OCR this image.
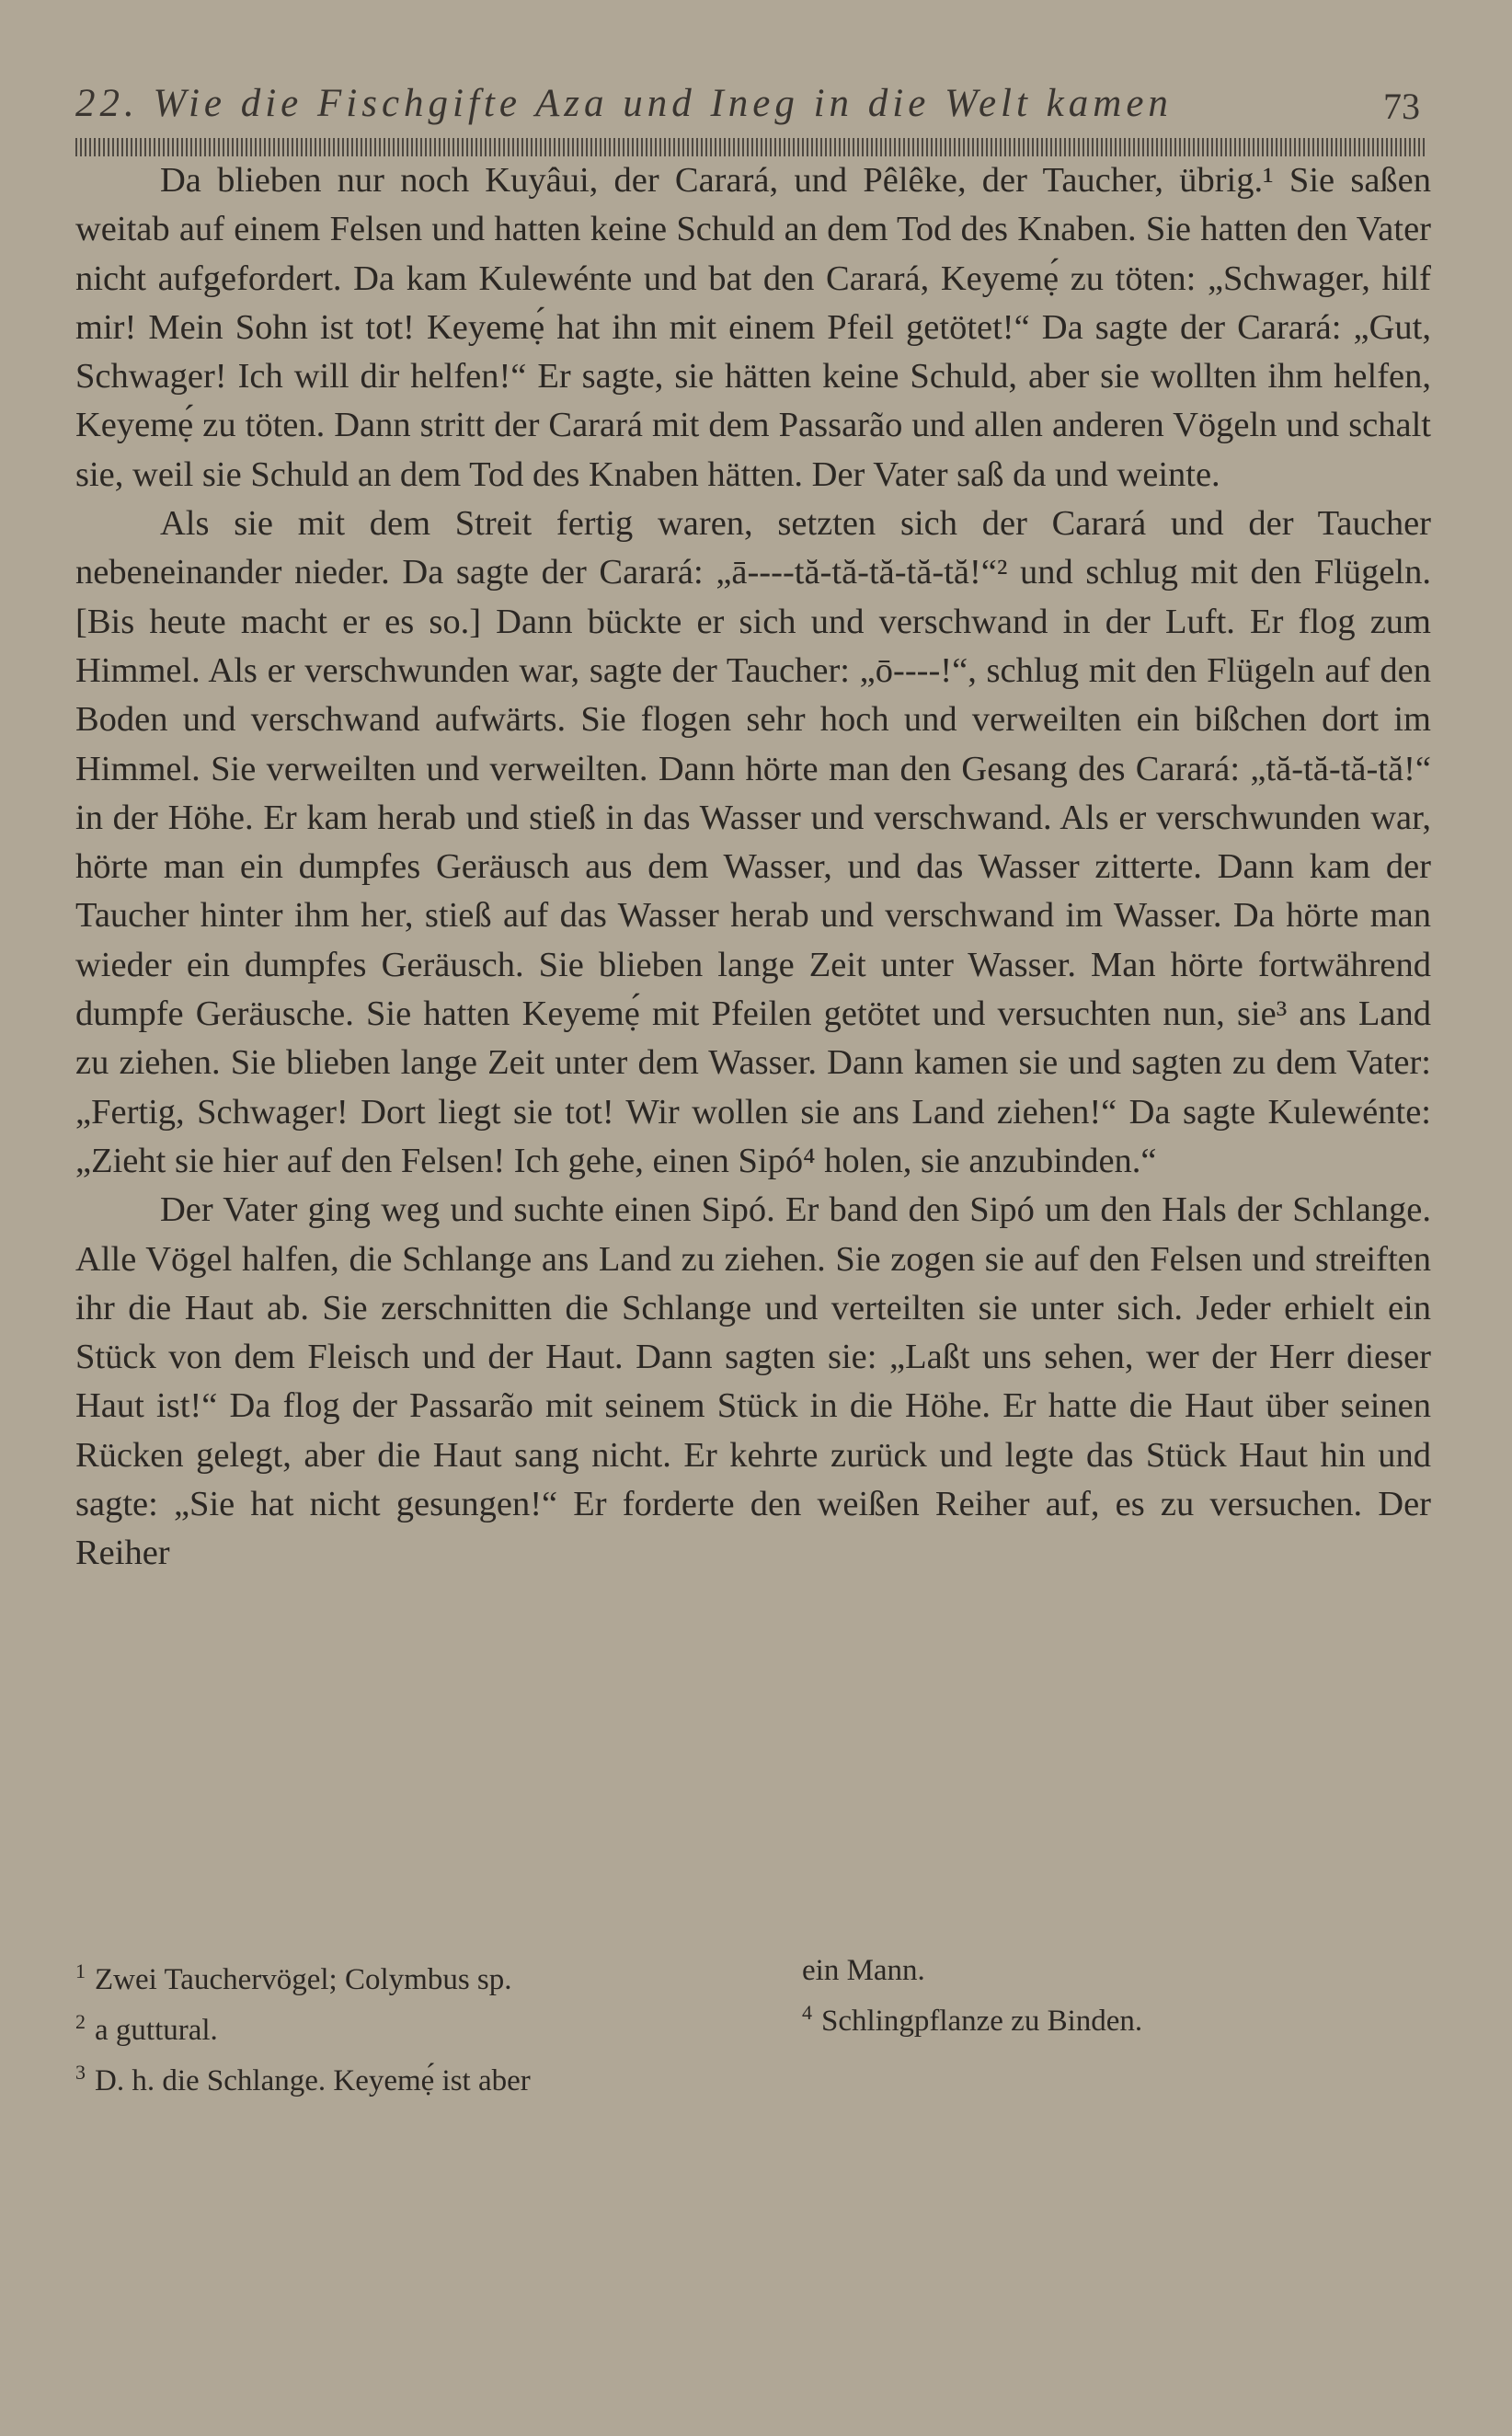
22. Wie die Fischgifte Aza und Ineg in die Welt kamen	73

Da blieben nur noch Kuyâui, der Carará, und Pêlêke, der Taucher, übrig.¹ Sie saßen weitab auf einem Felsen und hatten keine Schuld an dem Tod des Knaben. Sie hatten den Vater nicht aufgefordert. Da kam Kulewénte und bat den Carará, Keyemẹ́ zu töten: „Schwager, hilf mir! Mein Sohn ist tot! Keyemẹ́ hat ihn mit einem Pfeil getötet!“ Da sagte der Carará: „Gut, Schwager! Ich will dir helfen!“ Er sagte, sie hätten keine Schuld, aber sie wollten ihm helfen, Keyemẹ́ zu töten. Dann stritt der Carará mit dem Passarão und allen anderen Vögeln und schalt sie, weil sie Schuld an dem Tod des Knaben hätten. Der Vater saß da und weinte.

Als sie mit dem Streit fertig waren, setzten sich der Carará und der Taucher nebeneinander nieder. Da sagte der Carará: „ā----tă-tă-tă-tă-tă!“² und schlug mit den Flügeln. [Bis heute macht er es so.] Dann bückte er sich und verschwand in der Luft. Er flog zum Himmel. Als er verschwunden war, sagte der Taucher: „ō----!“, schlug mit den Flügeln auf den Boden und verschwand aufwärts. Sie flogen sehr hoch und verweilten ein bißchen dort im Himmel. Sie verweilten und verweilten. Dann hörte man den Gesang des Carará: „tă-tă-tă-tă!“ in der Höhe. Er kam herab und stieß in das Wasser und verschwand. Als er verschwunden war, hörte man ein dumpfes Geräusch aus dem Wasser, und das Wasser zitterte. Dann kam der Taucher hinter ihm her, stieß auf das Wasser herab und verschwand im Wasser. Da hörte man wieder ein dumpfes Geräusch. Sie blieben lange Zeit unter Wasser. Man hörte fortwährend dumpfe Geräusche. Sie hatten Keyemẹ́ mit Pfeilen getötet und versuchten nun, sie³ ans Land zu ziehen. Sie blieben lange Zeit unter dem Wasser. Dann kamen sie und sagten zu dem Vater: „Fertig, Schwager! Dort liegt sie tot! Wir wollen sie ans Land ziehen!“ Da sagte Kulewénte: „Zieht sie hier auf den Felsen! Ich gehe, einen Sipó⁴ holen, sie anzubinden.“

Der Vater ging weg und suchte einen Sipó. Er band den Sipó um den Hals der Schlange. Alle Vögel halfen, die Schlange ans Land zu ziehen. Sie zogen sie auf den Felsen und streiften ihr die Haut ab. Sie zerschnitten die Schlange und verteilten sie unter sich. Jeder erhielt ein Stück von dem Fleisch und der Haut. Dann sagten sie: „Laßt uns sehen, wer der Herr dieser Haut ist!“ Da flog der Passarão mit seinem Stück in die Höhe. Er hatte die Haut über seinen Rücken gelegt, aber die Haut sang nicht. Er kehrte zurück und legte das Stück Haut hin und sagte: „Sie hat nicht gesungen!“ Er forderte den weißen Reiher auf, es zu versuchen. Der Reiher

$^1$ Zwei Tauchervögel; Colymbus sp.
$^2$ a guttural.
$^3$ D. h. die Schlange. Keyemẹ́ ist aber
ein Mann.
$^4$ Schlingpflanze zu Binden.
